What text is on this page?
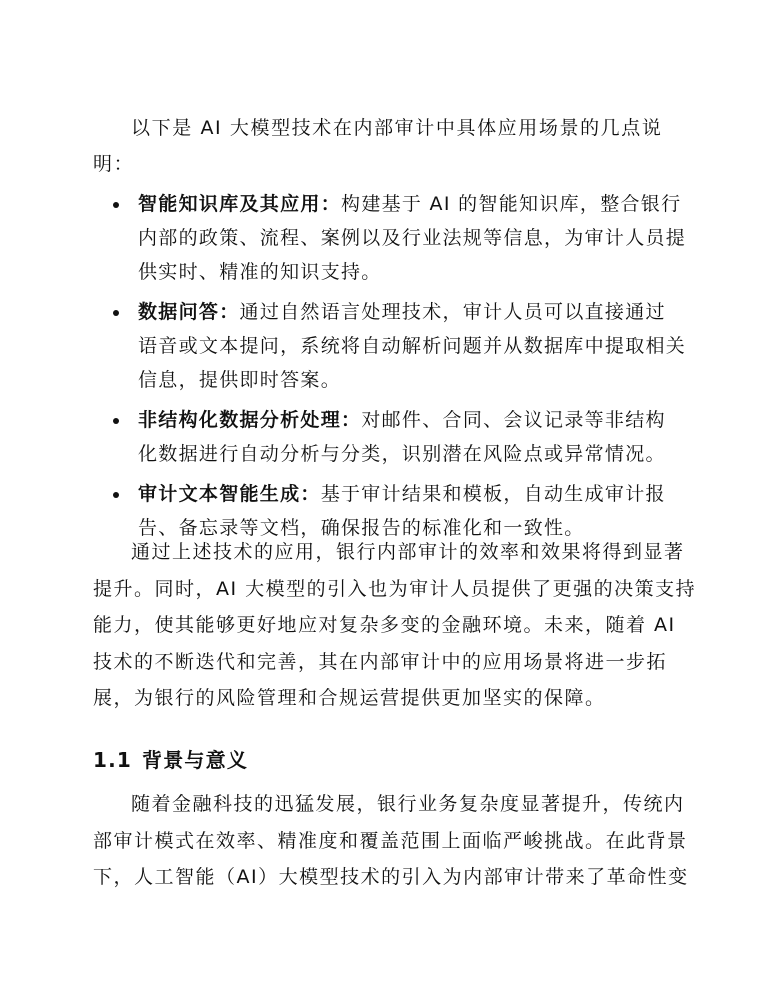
以下是 AI 大模型技术在内部审计中具体应用场景的几点说
明：
智能知识库及其应用：构建基于 AI 的智能知识库，整合银行
内部的政策、流程、案例以及行业法规等信息，为审计人员提
供实时、精准的知识支持。
数据问答：通过自然语言处理技术，审计人员可以直接通过
语音或文本提问，系统将自动解析问题并从数据库中提取相关
信息，提供即时答案。
非结构化数据分析处理：对邮件、合同、会议记录等非结构
化数据进行自动分析与分类，识别潜在风险点或异常情况。
审计文本智能生成：基于审计结果和模板，自动生成审计报
告、备忘录等文档，确保报告的标准化和一致性。
通过上述技术的应用，银行内部审计的效率和效果将得到显著
提升。同时，AI 大模型的引入也为审计人员提供了更强的决策支持
能力，使其能够更好地应对复杂多变的金融环境。未来，随着 AI
技术的不断迭代和完善，其在内部审计中的应用场景将进一步拓
展，为银行的风险管理和合规运营提供更加坚实的保障。
1.1 背景与意义
随着金融科技的迅猛发展，银行业务复杂度显著提升，传统内
部审计模式在效率、精准度和覆盖范围上面临严峻挑战。在此背景
下，人工智能（AI）大模型技术的引入为内部审计带来了革命性变
